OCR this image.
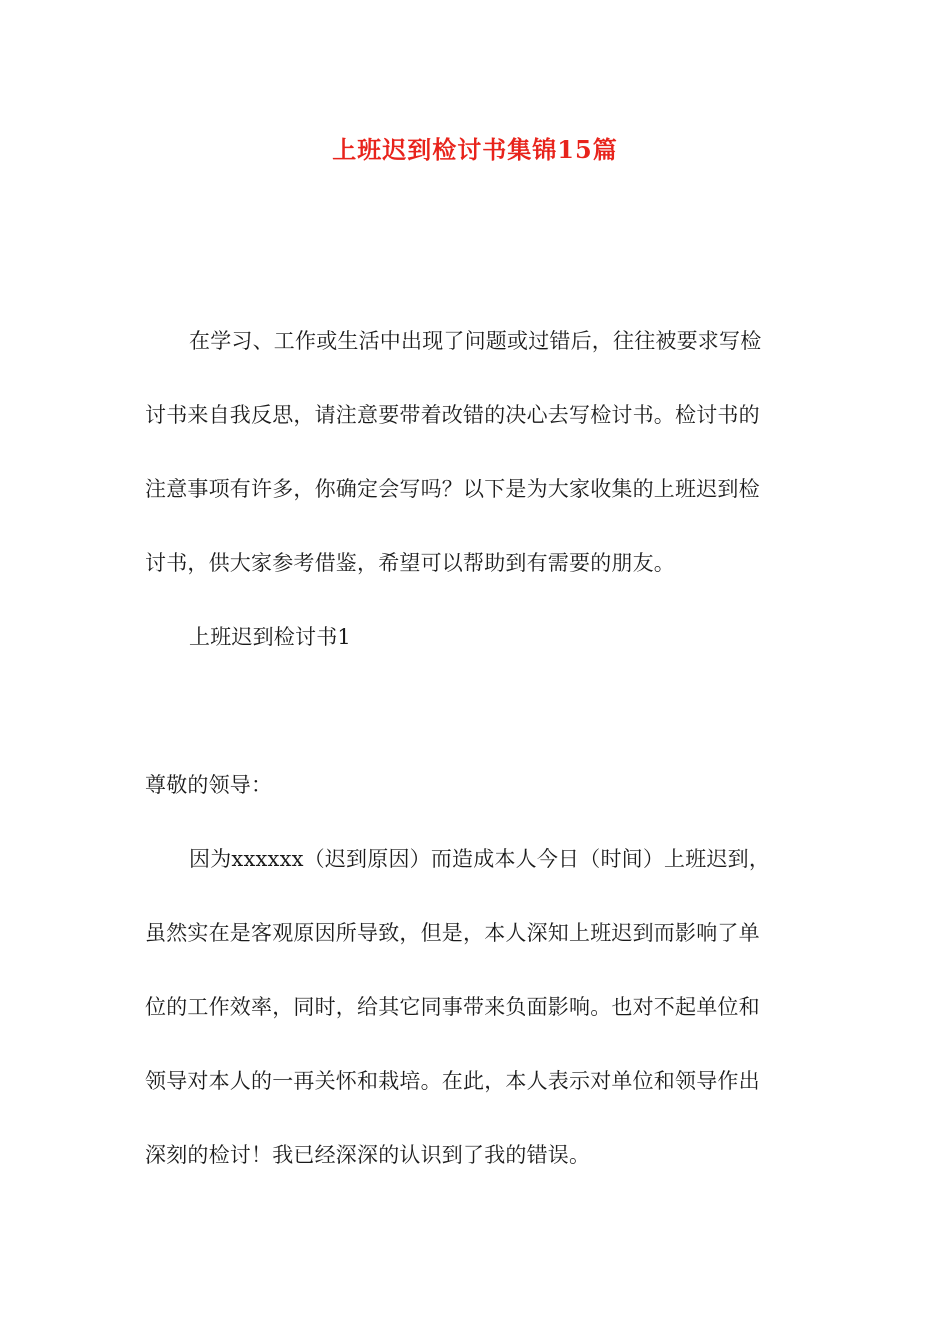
上班迟到检讨书集锦15篇
在学习、工作或生活中出现了问题或过错后，往往被要求写检
讨书来自我反思，请注意要带着改错的决心去写检讨书。检讨书的
注意事项有许多，你确定会写吗？以下是为大家收集的上班迟到检
讨书，供大家参考借鉴，希望可以帮助到有需要的朋友。
上班迟到检讨书1
尊敬的领导：
因为xxxxxx（迟到原因）而造成本人今日（时间）上班迟到，
虽然实在是客观原因所导致，但是，本人深知上班迟到而影响了单
位的工作效率，同时，给其它同事带来负面影响。也对不起单位和
领导对本人的一再关怀和栽培。在此，本人表示对单位和领导作出
深刻的检讨！我已经深深的认识到了我的错误。
